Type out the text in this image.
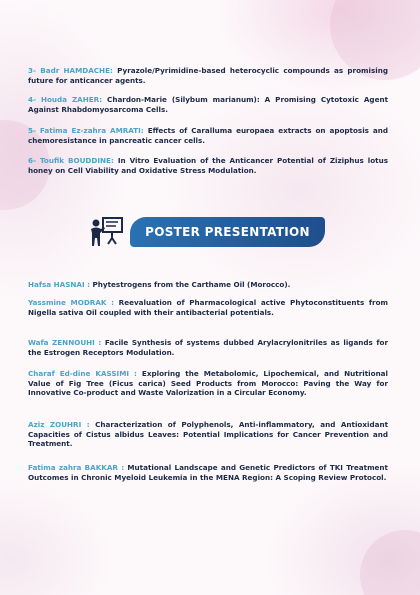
3- Badr HAMDACHE: Pyrazole/Pyrimidine-based heterocyclic compounds as promising future for anticancer agents.
4- Houda ZAHER: Chardon-Marie (Silybum marianum): A Promising Cytotoxic Agent Against Rhabdomyosarcoma Cells.
5- Fatima Ez-zahra AMRATI: Effects of Caralluma europaea extracts on apoptosis and chemoresistance in pancreatic cancer cells.
6- Toufik BOUDDINE: In Vitro Evaluation of the Anticancer Potential of Ziziphus lotus honey on Cell Viability and Oxidative Stress Modulation.
POSTER PRESENTATION
Hafsa HASNAI : Phytestrogens from the Carthame Oil (Morocco).
Yassmine MODRAK : Reevaluation of Pharmacological active Phytoconstituents from Nigella sativa Oil coupled with their antibacterial potentials.
Wafa ZENNOUHI : Facile Synthesis of systems dubbed Arylacrylonitriles as ligands for the Estrogen Receptors Modulation.
Charaf Ed-dine KASSIMI : Exploring the Metabolomic, Lipochemical, and Nutritional Value of Fig Tree (Ficus carica) Seed Products from Morocco: Paving the Way for Innovative Co-product and Waste Valorization in a Circular Economy.
Aziz ZOUHRI : Characterization of Polyphenols, Anti-inflammatory, and Antioxidant Capacities of Cistus albidus Leaves: Potential Implications for Cancer Prevention and Treatment.
Fatima zahra BAKKAR : Mutational Landscape and Genetic Predictors of TKI Treatment Outcomes in Chronic Myeloid Leukemia in the MENA Region: A Scoping Review Protocol.
